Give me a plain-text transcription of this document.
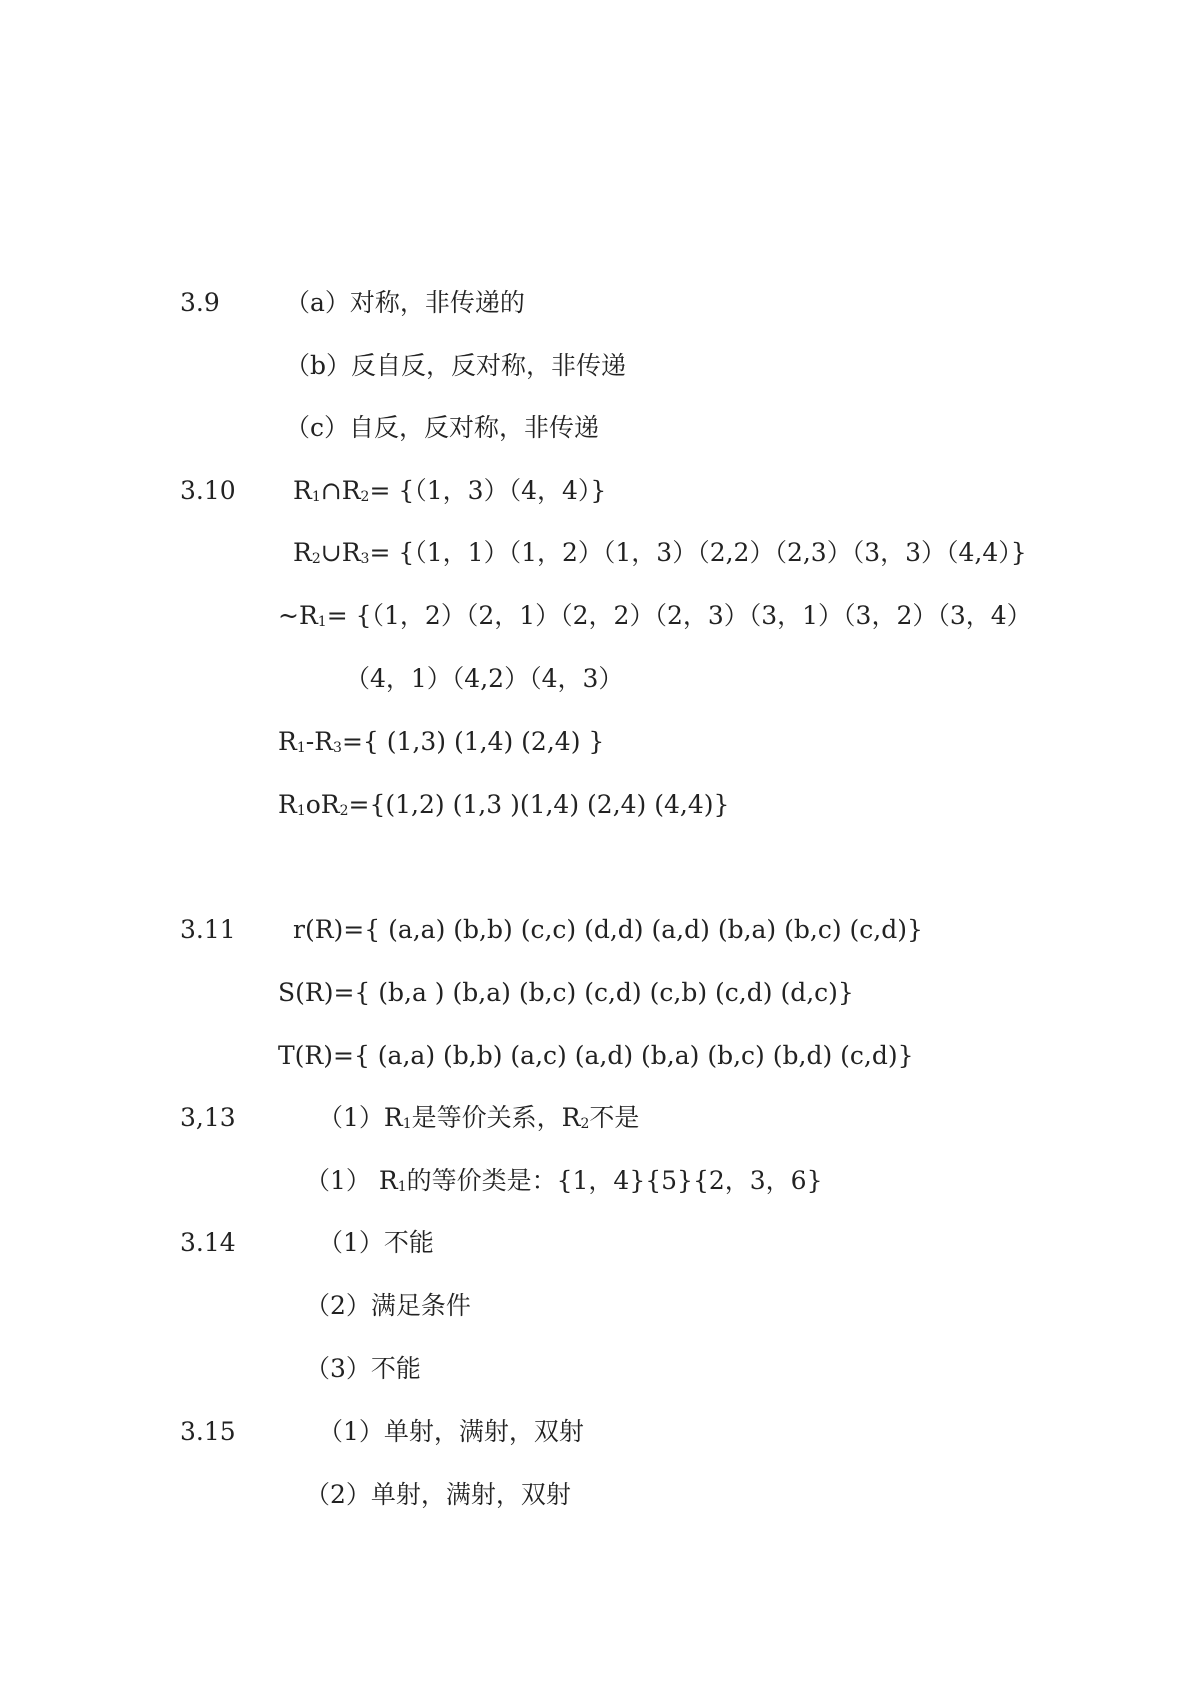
3.9	（a）对称，非传递的
（b）反自反，反对称，非传递
（c）自反，反对称，非传递
3.10 $R_1\cap R_2= \{(1$，3）（4，4）}
$R_2\cup R_3= \{(1$，1）（1，2）（1，3）（2,2）（2,3）（3，3）（4,4）}
$\sim R_1= \{(1$，2）（2，1）（2，2）（2，3）（3，1）（3，2）（3，4）
（4，1）（4,2）（4，3）
$R_1-R_3=${ (1,3) (1,4) (2,4) }
$R_1oR_2=\{(1,2)$ (1,3 )(1,4) (2,4) (4,4)}
3.11 r(R)={ (a,a) (b,b) (c,c) (d,d) (a,d) (b,a) (b,c) (c,d)}
S(R)={ (b,a ) (b,a) (b,c) (c,d) (c,b) (c,d) (d,c)}
T(R)={ (a,a) (b,b) (a,c) (a,d) (b,a) (b,c) (b,d) (c,d)}
3,13	$(1)R_1$是等价关系，$R_2$不是
（1） $R_1$的等价类是：{1，4}{5}{2，3，6}
3.14	（1）不能
（2）满足条件
（3）不能
3.15	（1）单射，满射，双射
（2）单射，满射，双射
